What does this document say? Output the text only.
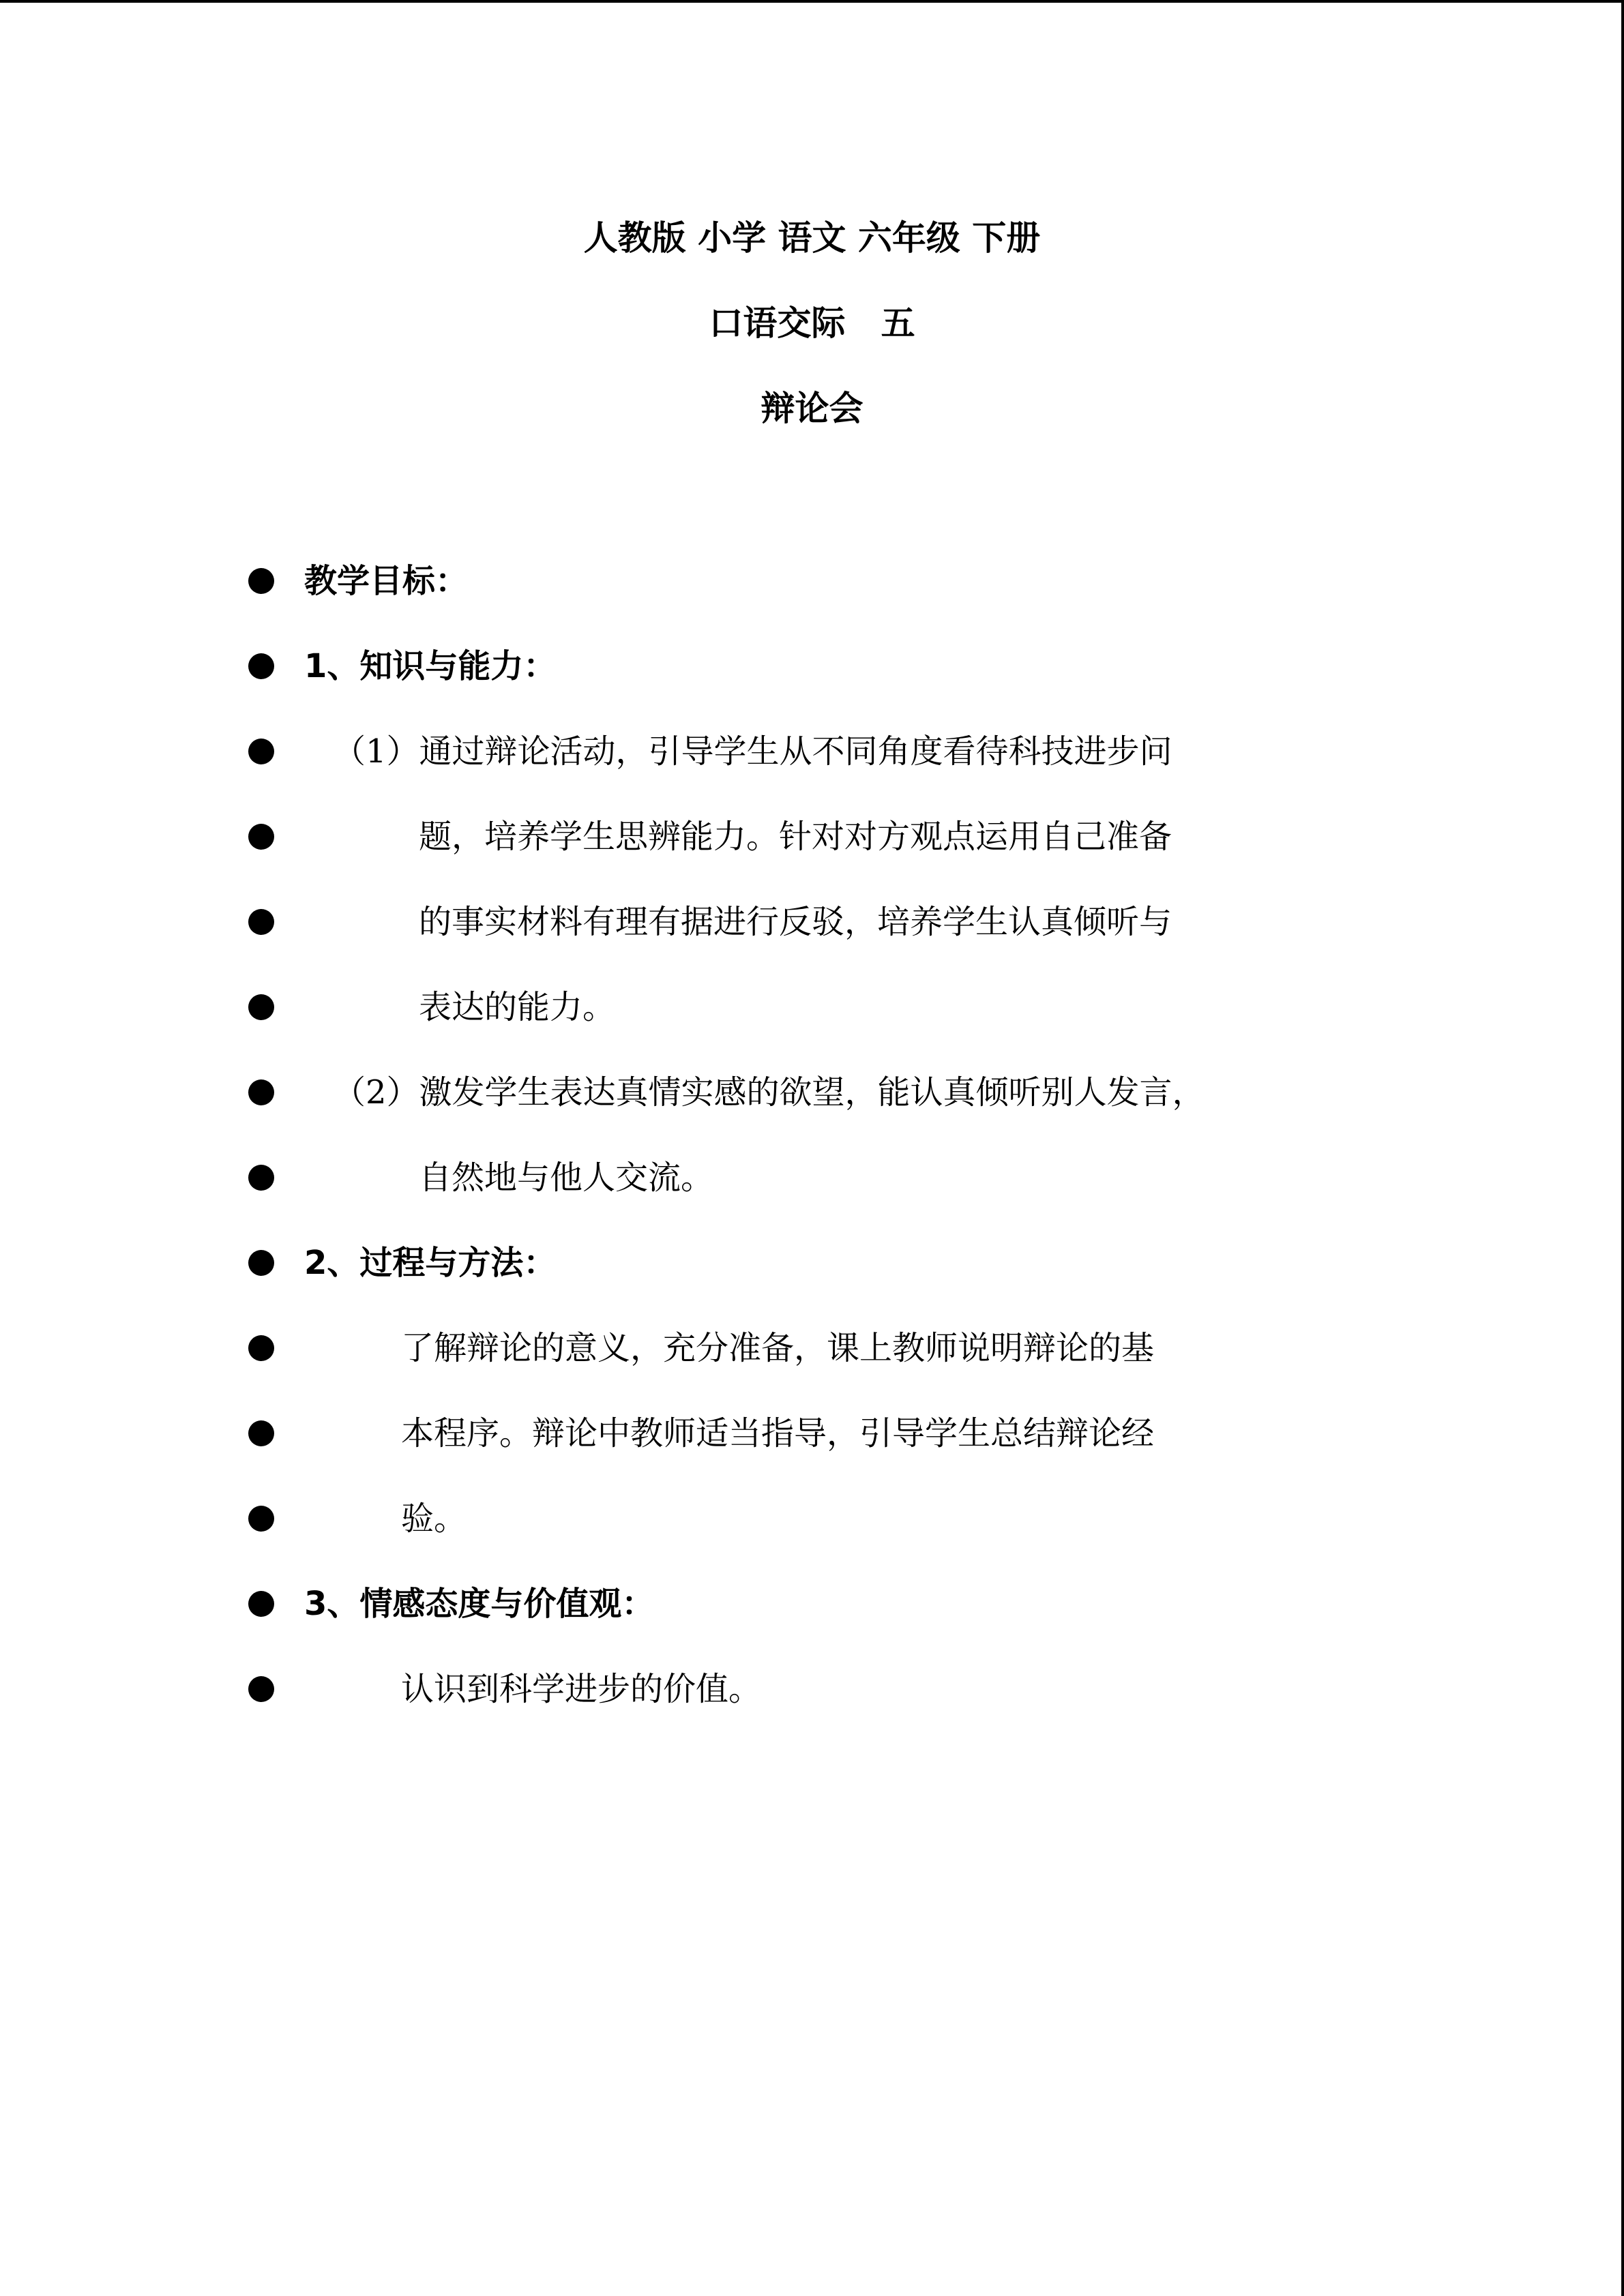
人教版 小学 语文 六年级 下册
口语交际   五
辩论会
教学目标：
1、知识与能力：
（1）通过辩论活动，引导学生从不同角度看待科技进步问
题，培养学生思辨能力。针对对方观点运用自己准备
的事实材料有理有据进行反驳，培养学生认真倾听与
表达的能力。
（2）激发学生表达真情实感的欲望，能认真倾听别人发言，
自然地与他人交流。
2、过程与方法：
了解辩论的意义，充分准备，课上教师说明辩论的基
本程序。辩论中教师适当指导，引导学生总结辩论经
验。
3、情感态度与价值观：
认识到科学进步的价值。
